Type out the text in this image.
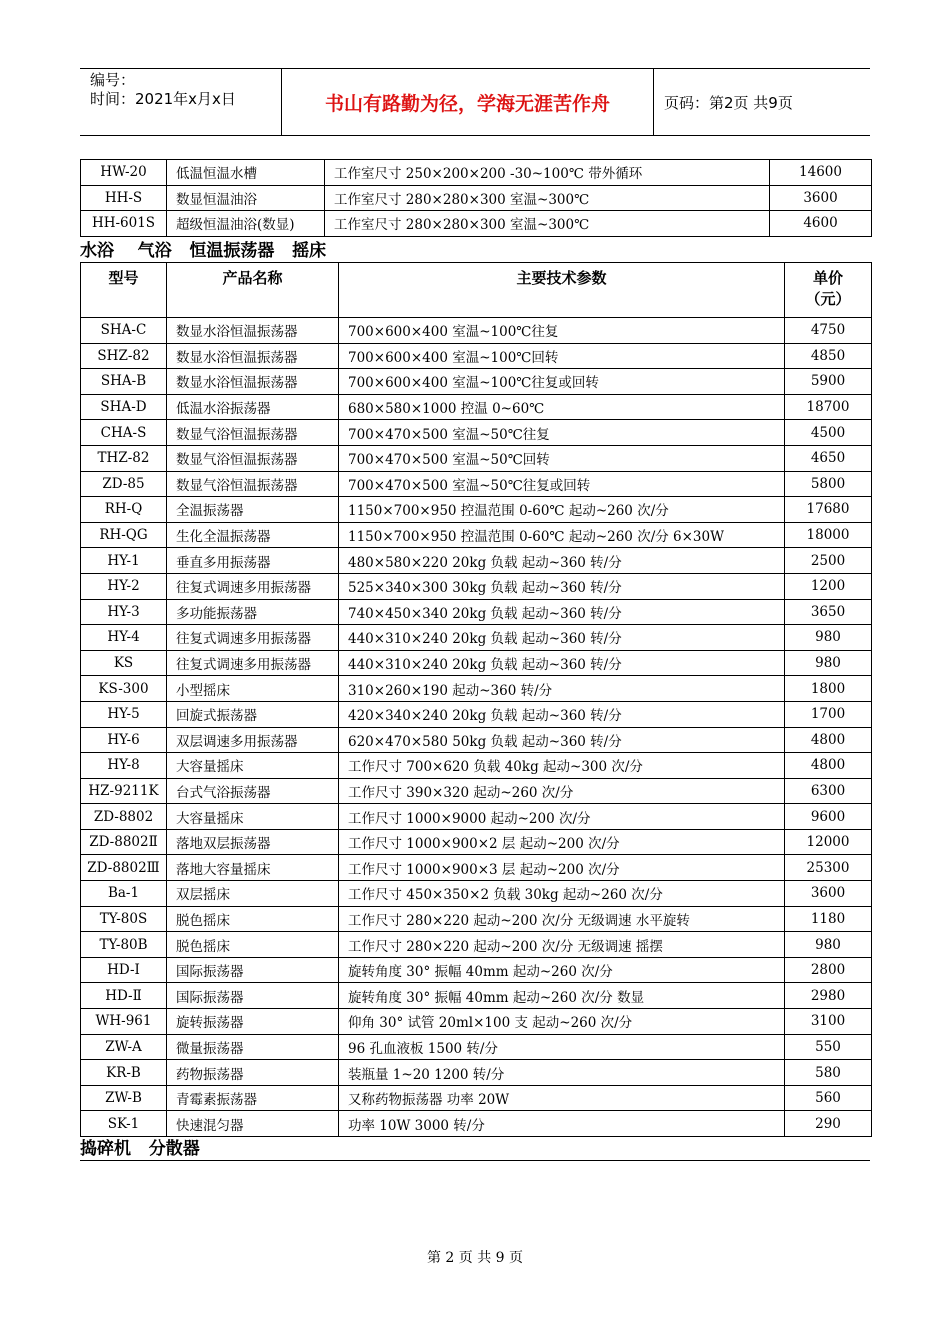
编号：
时间：2021年x月x日	书山有路勤为径，学海无涯苦作舟	页码：第2页 共9页
HW-20	低温恒温水槽	工作室尺寸 250×200×200 -30~100℃ 带外循环	14600
HH-S	数显恒温油浴	工作室尺寸 280×280×300 室温~300℃	3600
HH-601S	超级恒温油浴(数显)	工作室尺寸 280×280×300 室温~300℃	4600
水浴    气浴   恒温振荡器   摇床
型号	产品名称	主要技术参数	单价
（元）

SHA-C	数显水浴恒温振荡器	700×600×400 室温~100℃往复	4750
SHZ-82	数显水浴恒温振荡器	700×600×400 室温~100℃回转	4850
SHA-B	数显水浴恒温振荡器	700×600×400 室温~100℃往复或回转	5900
SHA-D	低温水浴振荡器	680×580×1000 控温 0~60℃	18700
CHA-S	数显气浴恒温振荡器	700×470×500 室温~50℃往复	4500
THZ-82	数显气浴恒温振荡器	700×470×500 室温~50℃回转	4650
ZD-85	数显气浴恒温振荡器	700×470×500 室温~50℃往复或回转	5800
RH-Q	全温振荡器	1150×700×950 控温范围 0-60℃ 起动~260 次/分	17680
RH-QG	生化全温振荡器	1150×700×950 控温范围 0-60℃ 起动~260 次/分 6×30W	18000
HY-1	垂直多用振荡器	480×580×220 20kg 负载 起动~360 转/分	2500
HY-2	往复式调速多用振荡器	525×340×300 30kg 负载 起动~360 转/分	1200
HY-3	多功能振荡器	740×450×340 20kg 负载 起动~360 转/分	3650
HY-4	往复式调速多用振荡器	440×310×240 20kg 负载 起动~360 转/分	980
KS	往复式调速多用振荡器	440×310×240 20kg 负载 起动~360 转/分	980
KS-300	小型摇床	310×260×190 起动~360 转/分	1800
HY-5	回旋式振荡器	420×340×240 20kg 负载 起动~360 转/分	1700
HY-6	双层调速多用振荡器	620×470×580 50kg 负载 起动~360 转/分	4800
HY-8	大容量摇床	工作尺寸 700×620 负载 40kg 起动~300 次/分	4800
HZ-9211K	台式气浴振荡器	工作尺寸 390×320 起动~260 次/分	6300
ZD-8802	大容量摇床	工作尺寸 1000×9000 起动~200 次/分	9600
ZD-8802Ⅱ	落地双层振荡器	工作尺寸 1000×900×2 层 起动~200 次/分	12000
ZD-8802Ⅲ	落地大容量摇床	工作尺寸 1000×900×3 层 起动~200 次/分	25300
Ba-1	双层摇床	工作尺寸 450×350×2 负载 30kg 起动~260 次/分	3600
TY-80S	脱色摇床	工作尺寸 280×220 起动~200 次/分 无级调速 水平旋转	1180
TY-80B	脱色摇床	工作尺寸 280×220 起动~200 次/分 无级调速 摇摆	980
HD-Ⅰ	国际振荡器	旋转角度 30° 振幅 40mm 起动~260 次/分	2800
HD-Ⅱ	国际振荡器	旋转角度 30° 振幅 40mm 起动~260 次/分 数显	2980
WH-961	旋转振荡器	仰角 30° 试管 20ml×100 支 起动~260 次/分	3100
ZW-A	微量振荡器	96 孔血液板 1500 转/分	550
KR-B	药物振荡器	装瓶量 1~20 1200 转/分	580
ZW-B	青霉素振荡器	又称药物振荡器 功率 20W	560
SK-1	快速混匀器	功率 10W 3000 转/分	290
捣碎机   分散器
第 2 页 共 9 页
